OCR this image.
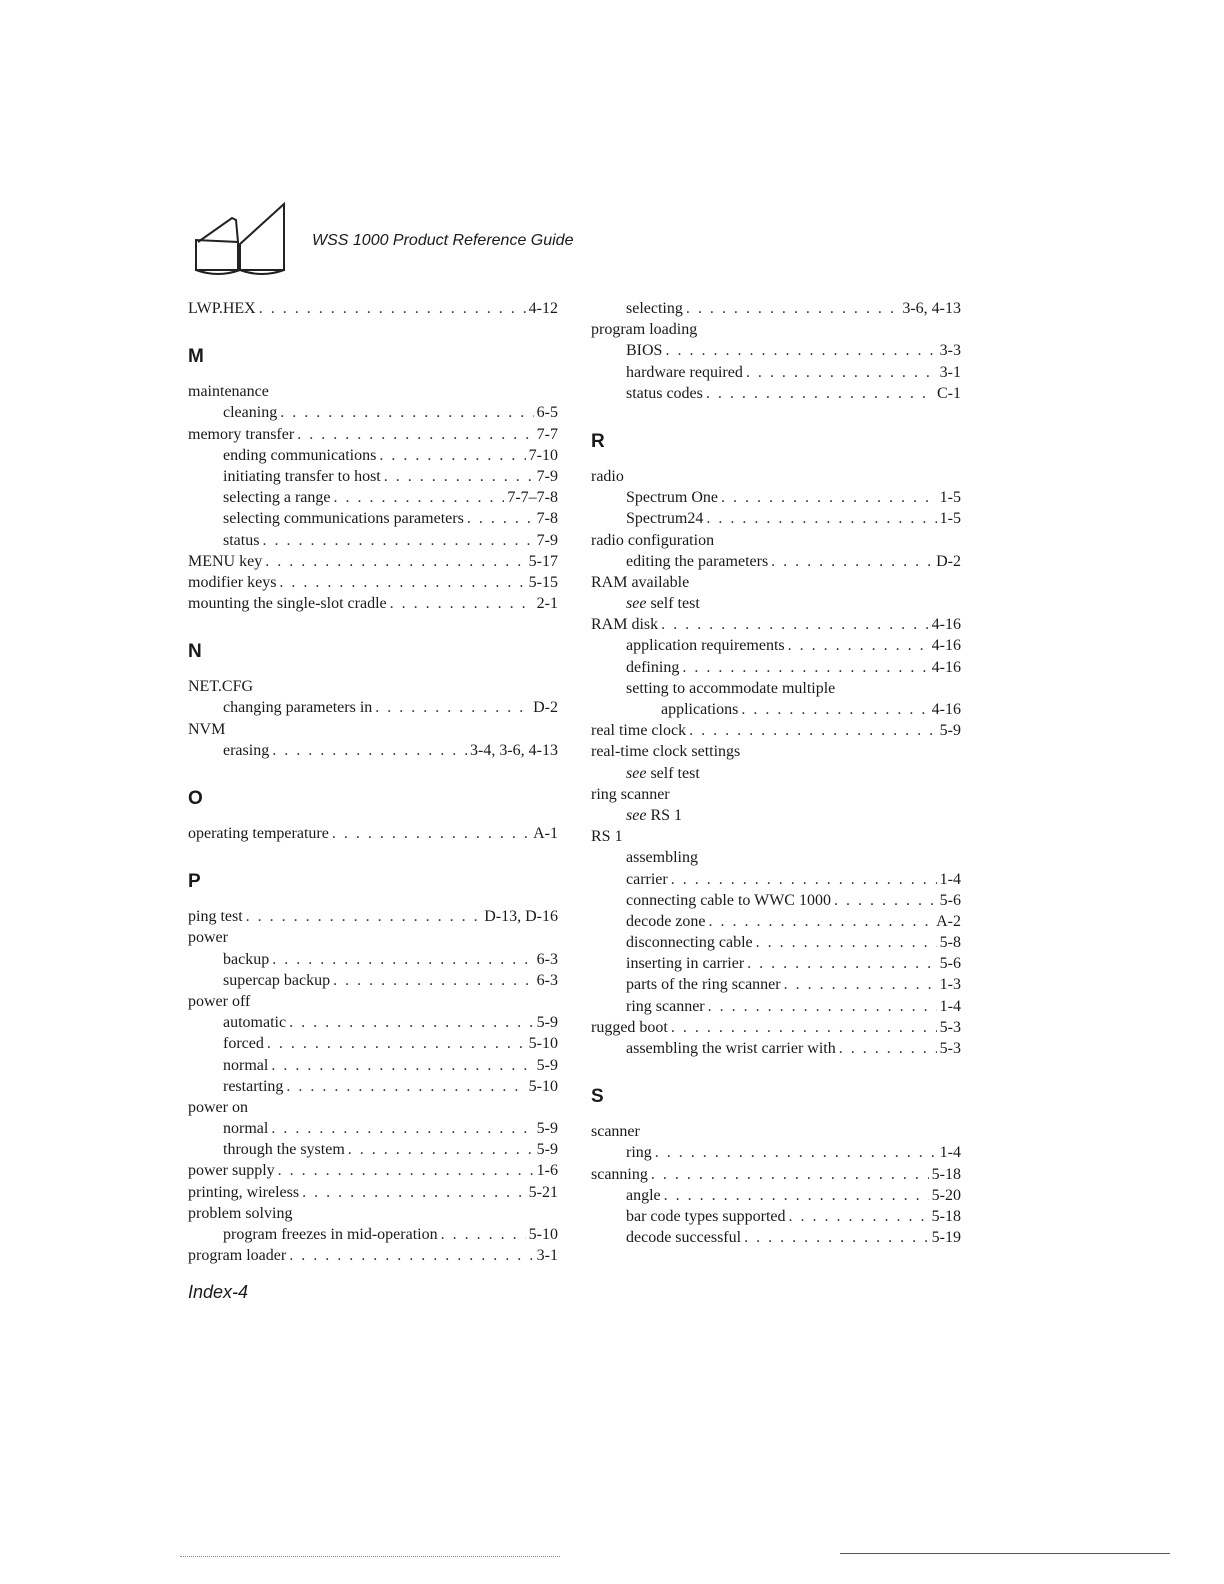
WSS 1000 Product Reference Guide
LWP.HEX . . .	4-12
M
maintenance
cleaning . . .	6-5
memory transfer . . .	7-7
ending communications . . .	7-10
initiating transfer to host . . .	7-9
selecting a range . . .	7-7–7-8
selecting communications parameters . . .	7-8
status . . .	7-9
MENU key . . .	5-17
modifier keys . . .	5-15
mounting the single-slot cradle . . .	2-1
N
NET.CFG
changing parameters in . . .	D-2
NVM
erasing . . .	3-4, 3-6, 4-13
O
operating temperature . . .	A-1
P
ping test . . .	D-13, D-16
power
backup . . .	6-3
supercap backup . . .	6-3
power off
automatic . . .	5-9
forced . . .	5-10
normal . . .	5-9
restarting . . .	5-10
power on
normal . . .	5-9
through the system . . .	5-9
power supply . . .	1-6
printing, wireless . . .	5-21
problem solving
program freezes in mid-operation . . .	5-10
program loader . . .	3-1
selecting . . .	3-6, 4-13
program loading
BIOS . . .	3-3
hardware required . . .	3-1
status codes . . .	C-1
R
radio
Spectrum One . . .	1-5
Spectrum24 . . .	1-5
radio configuration
editing the parameters . . .	D-2
RAM available
see self test
RAM disk . . .	4-16
application requirements . . .	4-16
defining . . .	4-16
setting to accommodate multiple
applications . . .	4-16
real time clock . . .	5-9
real-time clock settings
see self test
ring scanner
see RS 1
RS 1
assembling
carrier . . .	1-4
connecting cable to WWC 1000 . . .	5-6
decode zone . . .	A-2
disconnecting cable . . .	5-8
inserting in carrier . . .	5-6
parts of the ring scanner . . .	1-3
ring scanner . . .	1-4
rugged boot . . .	5-3
assembling the wrist carrier with . . .	5-3
S
scanner
ring . . .	1-4
scanning . . .	5-18
angle . . .	5-20
bar code types supported . . .	5-18
decode successful . . .	5-19
Index-4
